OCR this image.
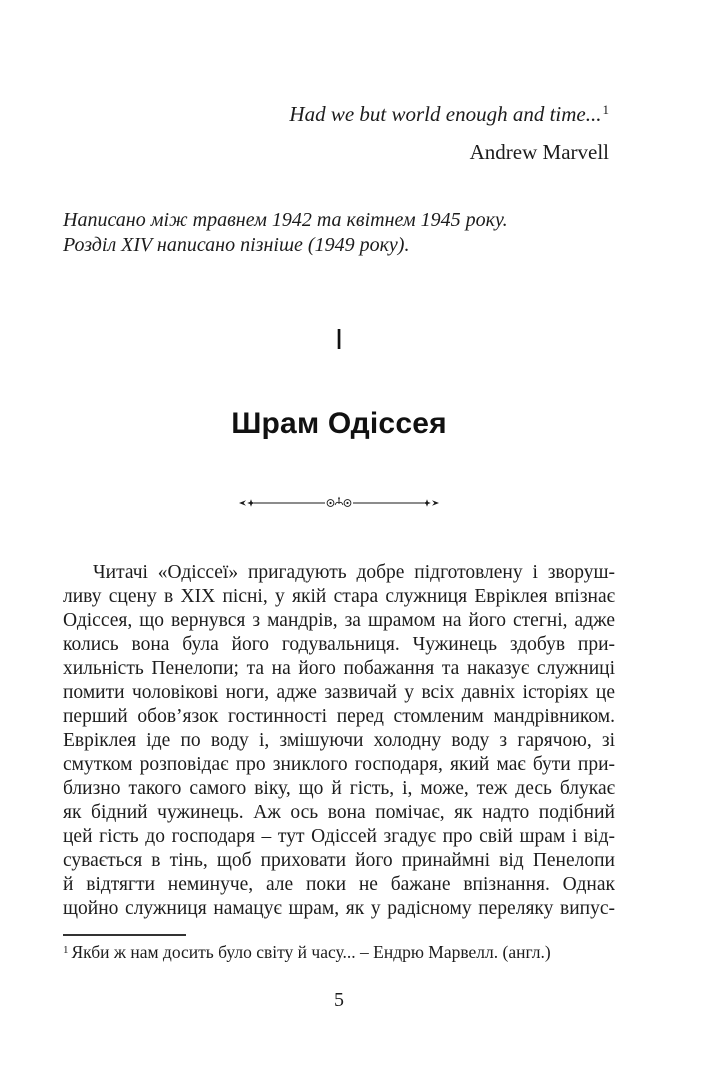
Had we but world enough and time...$^1$
Andrew Marvell
Написано між травнем 1942 та квітнем 1945 року.
Розділ XIV написано пізніше (1949 року).
I
Шрам Одіссея
Читачі «Одіссеї» пригадують добре підготовлену і зворуш-
ливу сцену в XIX пісні, у якій стара служниця Евріклея впізнає
Одіссея, що вернувся з мандрів, за шрамом на його стегні, адже
колись вона була його годувальниця. Чужинець здобув при-
хильність Пенелопи; та на його побажання та наказує служниці
помити чоловікові ноги, адже зазвичай у всіх давніх історіях це
перший обов’язок гостинності перед стомленим мандрівником.
Евріклея іде по воду і, змішуючи холодну воду з гарячою, зі
смутком розповідає про зниклого господаря, який має бути при-
близно такого самого віку, що й гість, і, може, теж десь блукає
як бідний чужинець. Аж ось вона помічає, як надто подібний
цей гість до господаря – тут Одіссей згадує про свій шрам і від-
сувається в тінь, щоб приховати його принаймні від Пенелопи
й відтягти неминуче, але поки не бажане впізнання. Однак
щойно служниця намацує шрам, як у радісному переляку випус-
$^1$ Якби ж нам досить було світу й часу... – Ендрю Марвелл. (англ.)
5
